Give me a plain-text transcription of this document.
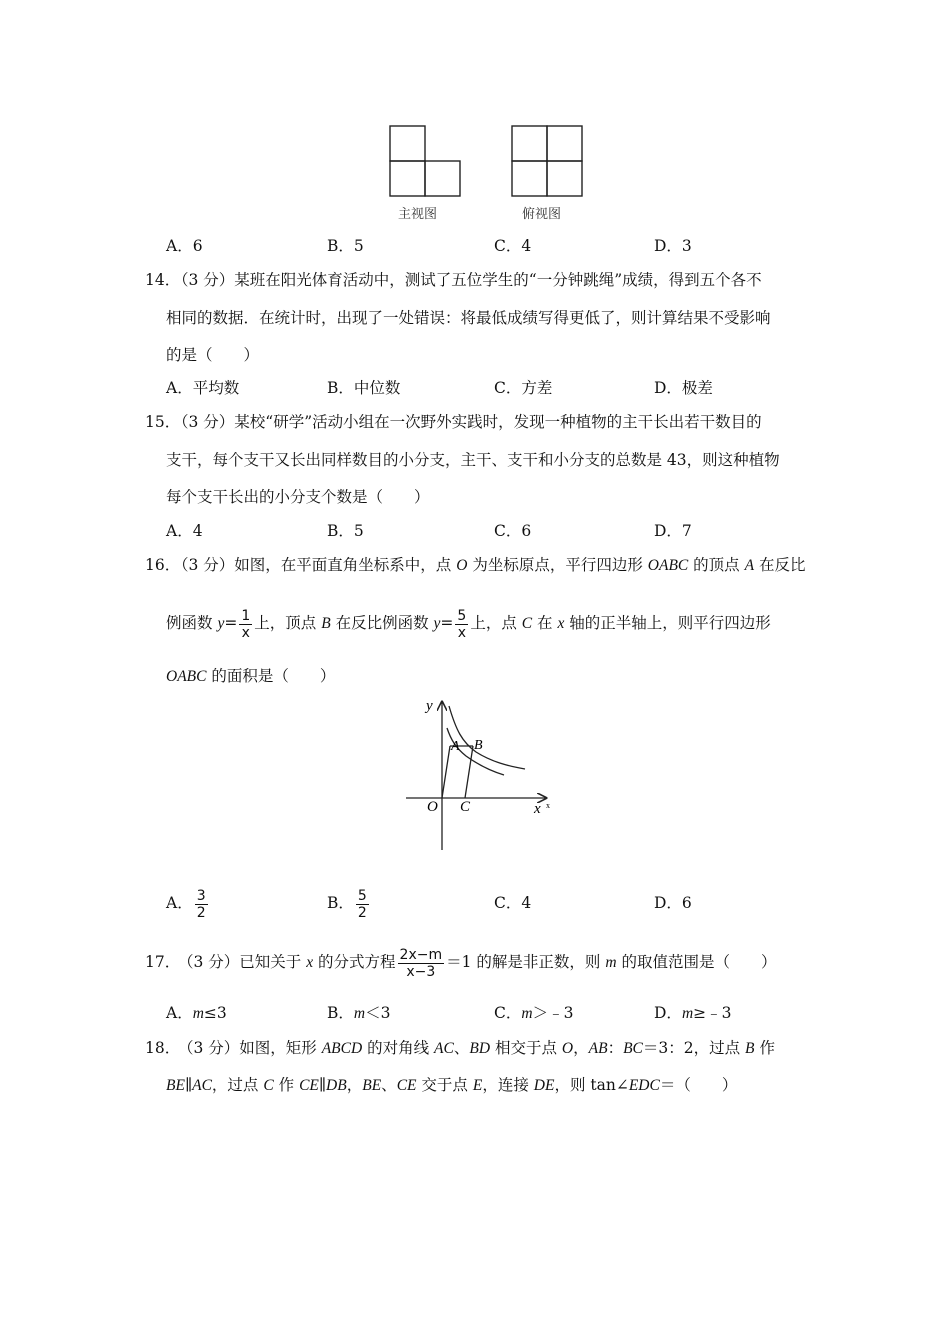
主视图	俯视图
A．6	B．5	C．4	D．3
14．
（3 分）某班在阳光体育活动中，测试了五位学生的“一分钟跳绳”成绩，得到五个各不
相同的数据．在统计时，出现了一处错误：将最低成绩写得更低了，则计算结果不受影响
的是（　　）
A．平均数	B．中位数	C．方差	D．极差
15．
（3 分）某校“研学”活动小组在一次野外实践时，发现一种植物的主干长出若干数目的
支干，每个支干又长出同样数目的小分支，主干、支干和小分支的总数是 43，则这种植物
每个支干长出的小分支个数是（　　）
A．4	B．5	C．6	D．7
16．
（3 分）如图，在平面直角坐标系中，点 O 为坐标原点，平行四边形 OABC 的顶点 A 在反比
例函数 $y= \frac{1}{x}$ 上，顶点 B 在反比例函数 $y= \frac{5}{x}$ 上，点 C 在 x 轴的正半轴上，则平行四边形
OABC 的面积是（　　）
y
x x
O
A B
C
A． $\frac{3}{2}$	B． $\frac{5}{2}$	C．4	D．6
17．
（3 分）已知关于 x 的分式方程 $\frac{2x-m}{x-3} =1$ 的解是非正数，则 m 的取值范围是（　　）
A．m≤3	B．m＜3	C．m＞﹣3	D．m≥﹣3
18．
（3 分）如图，矩形 ABCD 的对角线 AC、BD 相交于点 O，AB：BC＝3：2，过点 B 作
BE∥AC，过点 C 作 CE∥DB，BE、CE 交于点 E，连接 DE，则 tan∠EDC＝（　　）
